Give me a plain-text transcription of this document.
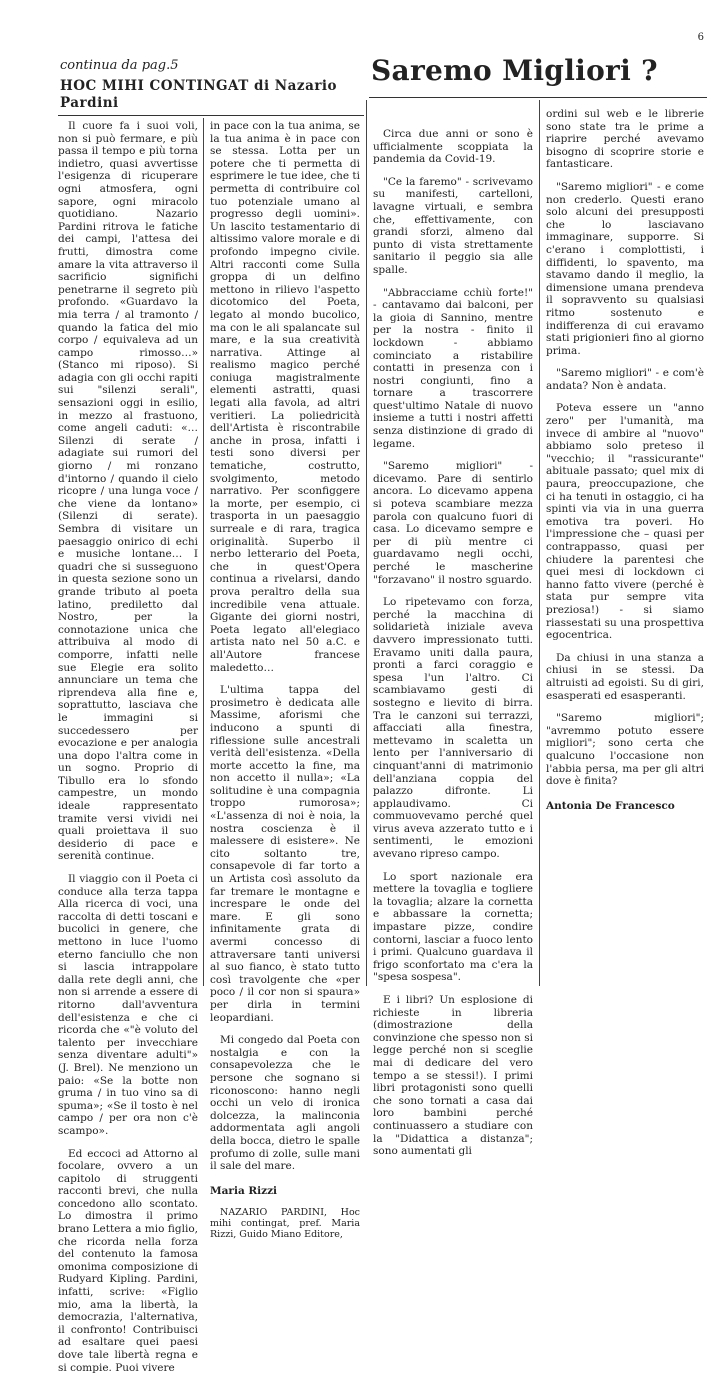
6
continua da pag.5
HOC MIHI CONTINGAT di Nazario Pardini
Saremo Migliori ?

Il cuore fa i suoi voli, non si può fermare, e più passa il tempo e più torna indietro, quasi avvertisse l'esigenza di ricuperare ogni atmosfera, ogni sapore, ogni miracolo quotidiano. Nazario Pardini ritrova le fatiche dei campi, l'attesa dei frutti, dimostra come amare la vita attraverso il sacrificio significhi penetrarne il segreto più profondo. «Guardavo la mia terra / al tramonto / quando la fatica del mio corpo / equivaleva ad un campo rimosso…» (Stanco mi riposo). Si adagia con gli occhi rapiti sui "silenzi serali", sensazioni oggi in esilio, in mezzo al frastuono, come angeli caduti: «…Silenzi di serate / adagiate sui rumori del giorno / mi ronzano d'intorno / quando il cielo ricopre / una lunga voce / che viene da lontano» (Silenzi di serate). Sembra di visitare un paesaggio onirico di echi e musiche lontane… I quadri che si susseguono in questa sezione sono un grande tributo al poeta latino, prediletto dal Nostro, per la connotazione unica che attribuiva al modo di comporre, infatti nelle sue Elegie era solito annunciare un tema che riprendeva alla fine e, soprattutto, lasciava che le immagini si succedessero per evocazione e per analogia una dopo l'altra come in un sogno. Proprio di Tibullo era lo sfondo campestre, un mondo ideale rappresentato tramite versi vividi nei quali proiettava il suo desiderio di pace e serenità continue.

Il viaggio con il Poeta ci conduce alla terza tappa Alla ricerca di voci, una raccolta di detti toscani e bucolici in genere, che mettono in luce l'uomo eterno fanciullo che non si lascia intrappolare dalla rete degli anni, che non si arrende a essere di ritorno dall'avventura dell'esistenza e che ci ricorda che «"è voluto del talento per invecchiare senza diventare adulti"» (J. Brel). Ne menziono un paio: «Se la botte non gruma / in tuo vino sa di spuma»; «Se il tosto è nel campo / per ora non c'è scampo».

Ed eccoci ad Attorno al focolare, ovvero a un capitolo di struggenti racconti brevi, che nulla concedono allo scontato. Lo dimostra il primo brano Lettera a mio figlio, che ricorda nella forza del contenuto la famosa omonima composizione di Rudyard Kipling. Pardini, infatti, scrive: «Figlio mio, ama la libertà, la democrazia, l'alternativa, il confronto! Contribuisci ad esaltare quei paesi dove tale libertà regna e si compie. Puoi vivere

in pace con la tua anima, se la tua anima è in pace con se stessa. Lotta per un potere che ti permetta di esprimere le tue idee, che ti permetta di contribuire col tuo potenziale umano al progresso degli uomini». Un lascito testamentario di altissimo valore morale e di profondo impegno civile. Altri racconti come Sulla groppa di un delfino mettono in rilievo l'aspetto dicotomico del Poeta, legato al mondo bucolico, ma con le ali spalancate sul mare, e la sua creatività narrativa. Attinge al realismo magico perché coniuga magistralmente elementi astratti, quasi legati alla favola, ad altri veritieri. La poliedricità dell'Artista è riscontrabile anche in prosa, infatti i testi sono diversi per tematiche, costrutto, svolgimento, metodo narrativo. Per sconfiggere la morte, per esempio, ci trasporta in un paesaggio surreale e di rara, tragica originalità. Superbo il nerbo letterario del Poeta, che in quest'Opera continua a rivelarsi, dando prova peraltro della sua incredibile vena attuale. Gigante dei giorni nostri, Poeta legato all'elegiaco artista nato nel 50 a.C. e all'Autore francese maledetto…

L'ultima tappa del prosimetro è dedicata alle Massime, aforismi che inducono a spunti di riflessione sulle ancestrali verità dell'esistenza. «Della morte accetto la fine, ma non accetto il nulla»; «La solitudine è una compagnia troppo rumorosa»; «L'assenza di noi è noia, la nostra coscienza è il malessere di esistere». Ne cito soltanto tre, consapevole di far torto a un Artista così assoluto da far tremare le montagne e increspare le onde del mare. E gli sono infinitamente grata di avermi concesso di attraversare tanti universi al suo fianco, è stato tutto così travolgente che «per poco / il cor non si spaura» per dirla in termini leopardiani.

Mi congedo dal Poeta con nostalgia e con la consapevolezza che le persone che sognano si riconoscono: hanno negli occhi un velo di ironica dolcezza, la malinconia addormentata agli angoli della bocca, dietro le spalle profumo di zolle, sulle mani il sale del mare.

Maria Rizzi

NAZARIO PARDINI, Hoc mihi contingat, pref. Maria Rizzi, Guido Miano Editore,

Circa due anni or sono è ufficialmente scoppiata la pandemia da Covid-19.

"Ce la faremo" - scrivevamo su manifesti, cartelloni, lavagne virtuali, e sembra che, effettivamente, con grandi sforzi, almeno dal punto di vista strettamente sanitario il peggio sia alle spalle.

"Abbracciame cchiù forte!" - cantavamo dai balconi, per la gioia di Sannino, mentre per la nostra - finito il lockdown - abbiamo cominciato a ristabilire contatti in presenza con i nostri congiunti, fino a tornare a trascorrere quest'ultimo Natale di nuovo insieme a tutti i nostri affetti senza distinzione di grado di legame.

"Saremo migliori" - dicevamo. Pare di sentirlo ancora. Lo dicevamo appena si poteva scambiare mezza parola con qualcuno fuori di casa. Lo dicevamo sempre e per di più mentre ci guardavamo negli occhi, perché le mascherine "forzavano" il nostro sguardo.

Lo ripetevamo con forza, perché la macchina di solidarietà iniziale aveva davvero impressionato tutti. Eravamo uniti dalla paura, pronti a farci coraggio e spesa l'un l'altro. Ci scambiavamo gesti di sostegno e lievito di birra. Tra le canzoni sui terrazzi, affacciati alla finestra, mettevamo in scaletta un lento per l'anniversario di cinquant'anni di matrimonio dell'anziana coppia del palazzo difronte. Li applaudivamo. Ci commuovevamo perché quel virus aveva azzerato tutto e i sentimenti, le emozioni avevano ripreso campo.

Lo sport nazionale era mettere la tovaglia e togliere la tovaglia; alzare la cornetta e abbassare la cornetta; impastare pizze, condire contorni, lasciar a fuoco lento i primi. Qualcuno guardava il frigo sconfortato ma c'era la "spesa sospesa".

E i libri? Un esplosione di richieste in libreria (dimostrazione della convinzione che spesso non si legge perché non si sceglie mai di dedicare del vero tempo a se stessi!). I primi libri protagonisti sono quelli che sono tornati a casa dai loro bambini perché continuassero a studiare con la "Didattica a distanza"; sono aumentati gli

ordini sul web e le librerie sono state tra le prime a riaprire perché avevamo bisogno di scoprire storie e fantasticare.

"Saremo migliori" - e come non crederlo. Questi erano solo alcuni dei presupposti che lo lasciavano immaginare, supporre. Si c'erano i complottisti, i diffidenti, lo spavento, ma stavamo dando il meglio, la dimensione umana prendeva il sopravvento su qualsiasi ritmo sostenuto e indifferenza di cui eravamo stati prigionieri fino al giorno prima.

"Saremo migliori" - e com'è andata? Non è andata.

Poteva essere un "anno zero" per l'umanità, ma invece di ambire al "nuovo" abbiamo solo preteso il "vecchio; il "rassicurante" abituale passato; quel mix di paura, preoccupazione, che ci ha tenuti in ostaggio, ci ha spinti via via in una guerra emotiva tra poveri. Ho l'impressione che – quasi per contrappasso, quasi per chiudere la parentesi che quei mesi di lockdown ci hanno fatto vivere (perché è stata pur sempre vita preziosa!) - si siamo riassestati su una prospettiva egocentrica.

Da chiusi in una stanza a chiusi in se stessi. Da altruisti ad egoisti. Su di giri, esasperati ed esasperanti.

"Saremo migliori"; "avremmo potuto essere migliori"; sono certa che qualcuno l'occasione non l'abbia persa, ma per gli altri dove è finita?

Antonia De Francesco
